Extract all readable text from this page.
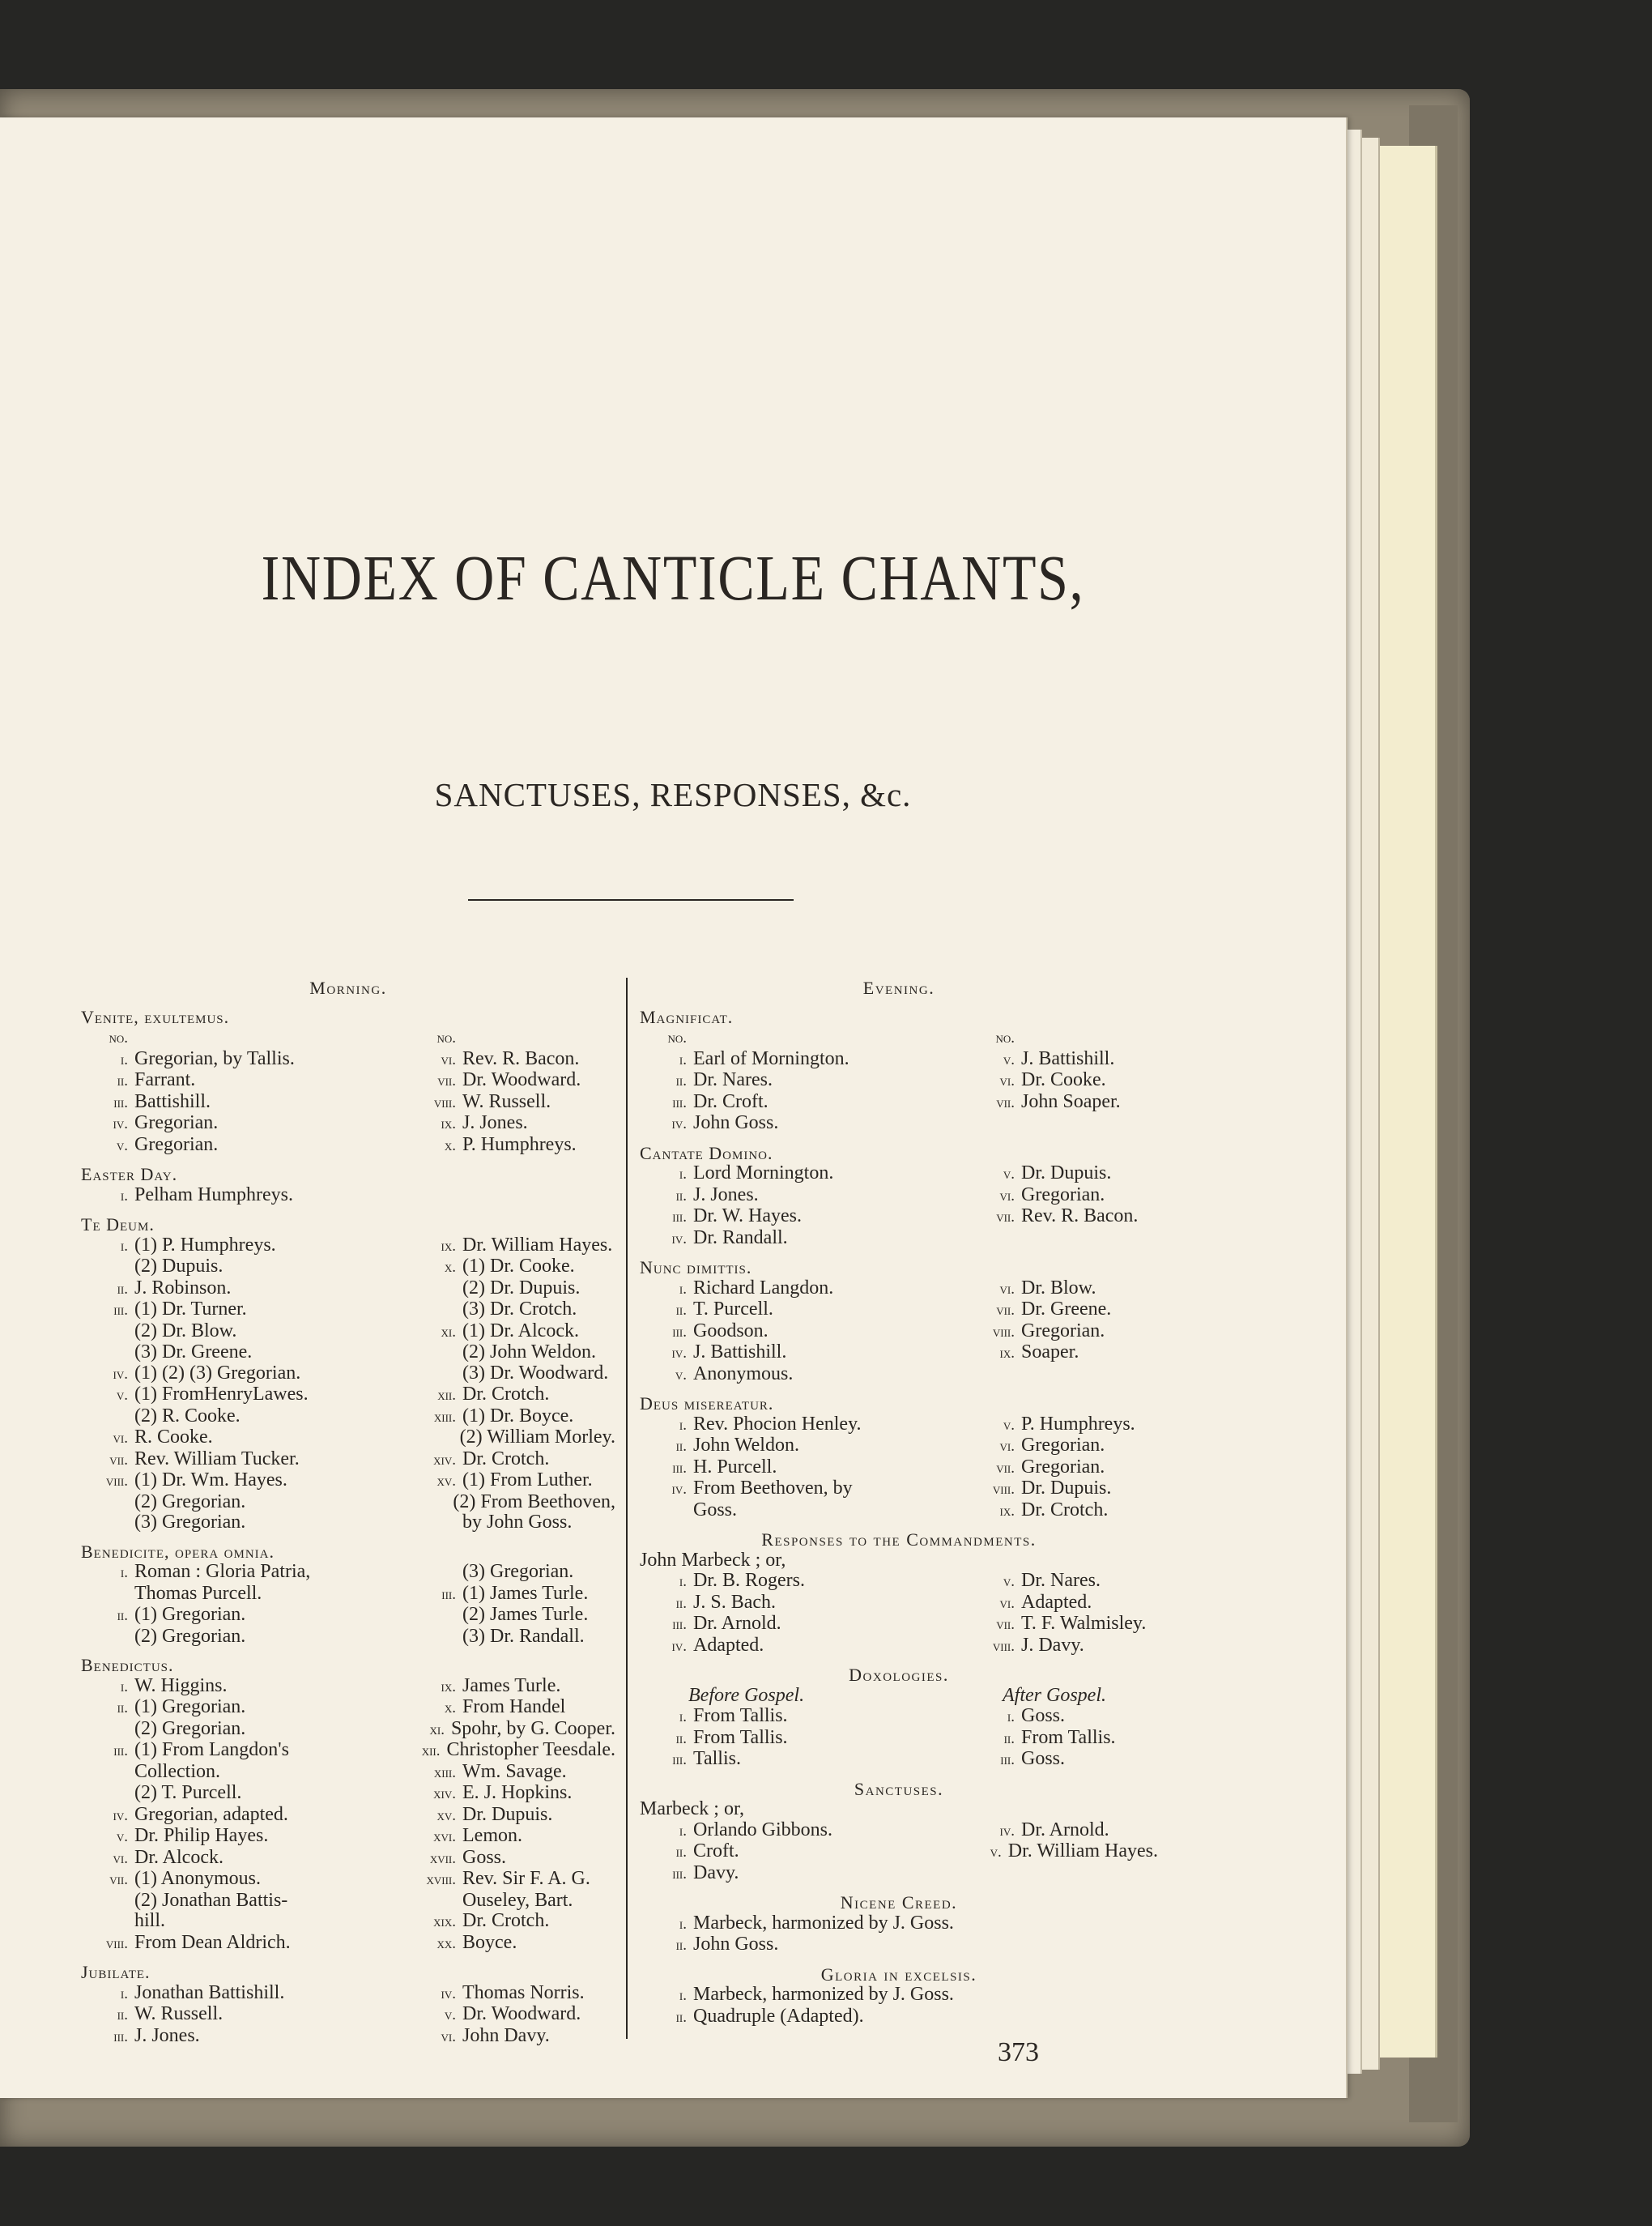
INDEX OF CANTICLE CHANTS,
SANCTUSES, RESPONSES, &c.
Morning.
Venite, exultemus.
no.	no.
i. Gregorian, by Tallis.	vi. Rev. R. Bacon.
ii. Farrant.	vii. Dr. Woodward.
iii. Battishill.	viii. W. Russell.
iv. Gregorian.	ix. J. Jones.
v. Gregorian.	x. P. Humphreys.
Easter Day.
i. Pelham Humphreys.
Te Deum.
i. (1) P. Humphreys.	ix. Dr. William Hayes.
(2) Dupuis.	x. (1) Dr. Cooke.
ii. J. Robinson.	(2) Dr. Dupuis.
iii. (1) Dr. Turner.	(3) Dr. Crotch.
(2) Dr. Blow.	xi. (1) Dr. Alcock.
(3) Dr. Greene.	(2) John Weldon.
iv. (1) (2) (3) Gregorian.	(3) Dr. Woodward.
v. (1) FromHenryLawes.	xii. Dr. Crotch.
(2) R. Cooke.	xiii. (1) Dr. Boyce.
vi. R. Cooke.	(2) William Morley.
vii. Rev. William Tucker.	xiv. Dr. Crotch.
viii. (1) Dr. Wm. Hayes.	xv. (1) From Luther.
(2) Gregorian.	(2) From Beethoven,
(3) Gregorian.	by John Goss.
Benedicite, opera omnia.
i. Roman : Gloria Patria,	(3) Gregorian.
Thomas Purcell.	iii. (1) James Turle.
ii. (1) Gregorian.	(2) James Turle.
(2) Gregorian.	(3) Dr. Randall.
Benedictus.
i. W. Higgins.	ix. James Turle.
ii. (1) Gregorian.	x. From Handel
(2) Gregorian.	xi. Spohr, by G. Cooper.
iii. (1) From Langdon's	xii. Christopher Teesdale.
Collection.	xiii. Wm. Savage.
(2) T. Purcell.	xiv. E. J. Hopkins.
iv. Gregorian, adapted.	xv. Dr. Dupuis.
v. Dr. Philip Hayes.	xvi. Lemon.
vi. Dr. Alcock.	xvii. Goss.
vii. (1) Anonymous.	xviii. Rev. Sir F. A. G.
(2) Jonathan Battis-	Ouseley, Bart.
hill.	xix. Dr. Crotch.
viii. From Dean Aldrich.	xx. Boyce.
Jubilate.
i. Jonathan Battishill.	iv. Thomas Norris.
ii. W. Russell.	v. Dr. Woodward.
iii. J. Jones.	vi. John Davy.
Evening.
Magnificat.
no.	no.
i. Earl of Mornington.	v. J. Battishill.
ii. Dr. Nares.	vi. Dr. Cooke.
iii. Dr. Croft.	vii. John Soaper.
iv. John Goss.
Cantate Domino.
i. Lord Mornington.	v. Dr. Dupuis.
ii. J. Jones.	vi. Gregorian.
iii. Dr. W. Hayes.	vii. Rev. R. Bacon.
iv. Dr. Randall.
Nunc dimittis.
i. Richard Langdon.	vi. Dr. Blow.
ii. T. Purcell.	vii. Dr. Greene.
iii. Goodson.	viii. Gregorian.
iv. J. Battishill.	ix. Soaper.
v. Anonymous.
Deus misereatur.
i. Rev. Phocion Henley.	v. P. Humphreys.
ii. John Weldon.	vi. Gregorian.
iii. H. Purcell.	vii. Gregorian.
iv. From Beethoven, by	viii. Dr. Dupuis.
Goss.	ix. Dr. Crotch.
Responses to the Commandments.
John Marbeck ; or,
i. Dr. B. Rogers.	v. Dr. Nares.
ii. J. S. Bach.	vi. Adapted.
iii. Dr. Arnold.	vii. T. F. Walmisley.
iv. Adapted.	viii. J. Davy.
Doxologies.
Before Gospel.	After Gospel.
i. From Tallis.	i. Goss.
ii. From Tallis.	ii. From Tallis.
iii. Tallis.	iii. Goss.
Sanctuses.
Marbeck ; or,
i. Orlando Gibbons.	iv. Dr. Arnold.
ii. Croft.	v. Dr. William Hayes.
iii. Davy.
Nicene Creed.
i. Marbeck, harmonized by J. Goss.
ii. John Goss.
Gloria in excelsis.
i. Marbeck, harmonized by J. Goss.
ii. Quadruple (Adapted).
373
